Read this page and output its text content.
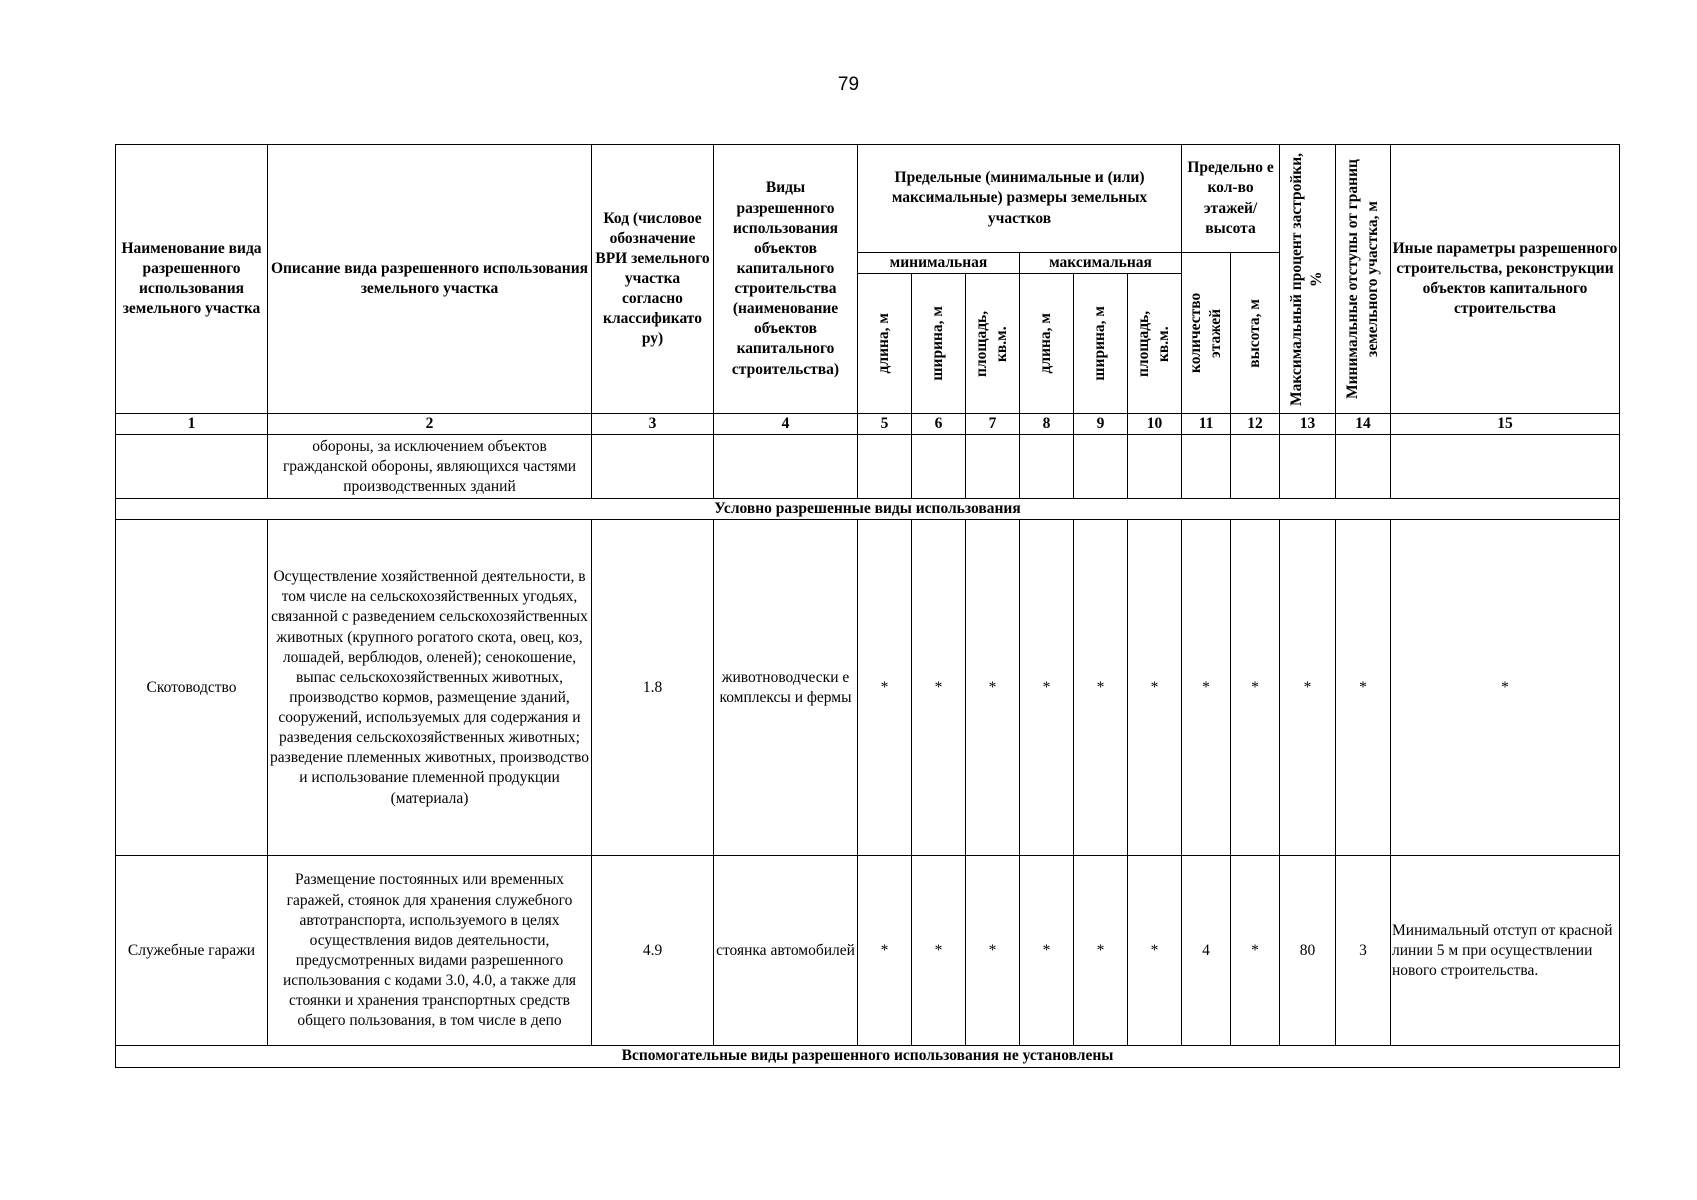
79
Наименование вида разрешенного использования земельного участка	Описание вида разрешенного использования земельного участка	Код (числовое обозначение ВРИ земельного участка согласно классификато ру)	Виды разрешенного использования объектов капитального строительства (наименование объектов капитального строительства)	Предельные (минимальные и (или) максимальные) размеры земельных участков						Предельно е кол-во этажей/ высота		Максимальный процент застройки, %	Минимальные отступы от границ земельного участка, м	Иные параметры разрешенного строительства, реконструкции объектов капитального строительства
				минимальная			максимальная			количество этажей	высота, м			

				длина, м	ширина, м	площадь, кв.м.	длина, м	ширина, м	площадь, кв.м.					

1	2	3	4	5	6	7	8	9	10	11	12	13	14	15
	обороны, за исключением объектов гражданской обороны, являющихся частями производственных зданий													
Условно разрешенные виды использования														
Скотоводство	Осуществление хозяйственной деятельности, в том числе на сельскохозяйственных угодьях, связанной с разведением сельскохозяйственных животных (крупного рогатого скота, овец, коз, лошадей, верблюдов, оленей); сенокошение, выпас сельскохозяйственных животных, производство кормов, размещение зданий, сооружений, используемых для содержания и разведения сельскохозяйственных животных; разведение племенных животных, производство и использование племенной продукции (материала)	1.8	животноводчески е комплексы и фермы	*	*	*	*	*	*	*	*	*	*	*
Служебные гаражи	Размещение постоянных или временных гаражей, стоянок для хранения служебного автотранспорта, используемого в целях осуществления видов деятельности, предусмотренных видами разрешенного использования с кодами 3.0, 4.0, а также для стоянки и хранения транспортных средств общего пользования, в том числе в депо	4.9	стоянка автомобилей	*	*	*	*	*	*	4	*	80	3	Минимальный отступ от красной линии 5 м при осуществлении нового строительства.
Вспомогательные виды разрешенного использования не установлены														
